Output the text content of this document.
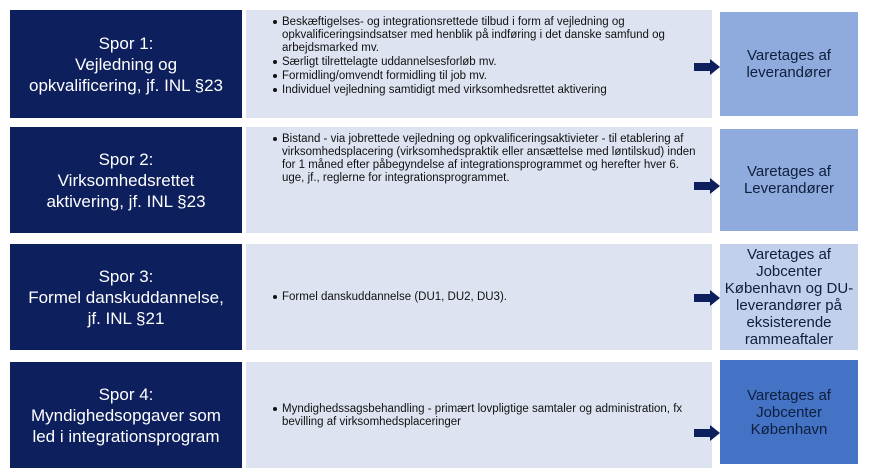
Spor 1:
Vejledning og
opkvalificering, jf. INL §23
Beskæftigelses- og integrationsrettede tilbud i form af vejledning og opkvalificeringsindsatser med henblik på indføring i det danske samfund og arbejdsmarked mv.
Særligt tilrettelagte uddannelsesforløb mv.
Formidling/omvendt formidling til job mv.
Individuel vejledning samtidigt med virksomhedsrettet aktivering
Varetages af leverandører
Spor 2:
Virksomhedsrettet
aktivering, jf. INL §23
Bistand - via jobrettede vejledning og opkvalificeringsaktivieter - til etablering af virksomhedsplacering (virksomhedspraktik eller ansættelse med løntilskud) inden for 1 måned efter påbegyndelse af integrationsprogrammet og herefter hver 6. uge, jf., reglerne for integrationsprogrammet.	Varetages af Leverandører
Spor 3:
Formel danskuddannelse,
jf. INL §21
Formel danskuddannelse (DU1, DU2, DU3).
Varetages af Jobcenter København og DU-leverandører på eksisterende rammeaftaler
Spor 4:
Myndighedsopgaver som
led i integrationsprogram
Myndighedssagsbehandling - primært lovpligtige samtaler og administration, fx bevilling af virksomhedsplaceringer
Varetages af Jobcenter København
